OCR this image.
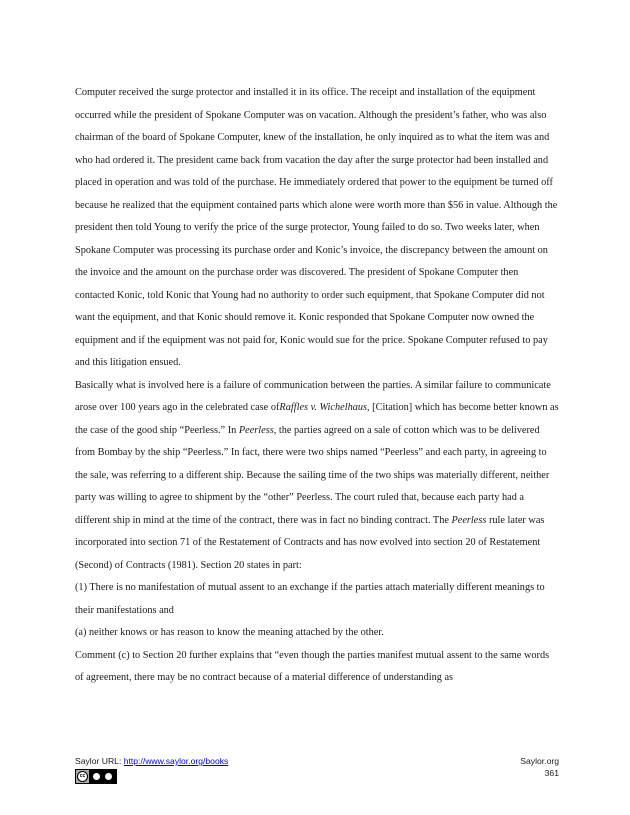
Computer received the surge protector and installed it in its office. The receipt and installation of the equipment occurred while the president of Spokane Computer was on vacation. Although the president’s father, who was also chairman of the board of Spokane Computer, knew of the installation, he only inquired as to what the item was and who had ordered it. The president came back from vacation the day after the surge protector had been installed and placed in operation and was told of the purchase. He immediately ordered that power to the equipment be turned off because he realized that the equipment contained parts which alone were worth more than $56 in value. Although the president then told Young to verify the price of the surge protector, Young failed to do so. Two weeks later, when Spokane Computer was processing its purchase order and Konic’s invoice, the discrepancy between the amount on the invoice and the amount on the purchase order was discovered. The president of Spokane Computer then contacted Konic, told Konic that Young had no authority to order such equipment, that Spokane Computer did not want the equipment, and that Konic should remove it. Konic responded that Spokane Computer now owned the equipment and if the equipment was not paid for, Konic would sue for the price. Spokane Computer refused to pay and this litigation ensued.

Basically what is involved here is a failure of communication between the parties. A similar failure to communicate arose over 100 years ago in the celebrated case ofRaffles v. Wichelhaus, [Citation] which has become better known as the case of the good ship “Peerless.” In Peerless, the parties agreed on a sale of cotton which was to be delivered from Bombay by the ship “Peerless.” In fact, there were two ships named “Peerless” and each party, in agreeing to the sale, was referring to a different ship. Because the sailing time of the two ships was materially different, neither party was willing to agree to shipment by the “other” Peerless. The court ruled that, because each party had a different ship in mind at the time of the contract, there was in fact no binding contract. The Peerless rule later was incorporated into section 71 of the Restatement of Contracts and has now evolved into section 20 of Restatement (Second) of Contracts (1981). Section 20 states in part:

(1) There is no manifestation of mutual assent to an exchange if the parties attach materially different meanings to their manifestations and

(a) neither knows or has reason to know the meaning attached by the other.

Comment (c) to Section 20 further explains that “even though the parties manifest mutual assent to the same words of agreement, there may be no contract because of a material difference of understanding as

Saylor URL: http://www.saylor.org/books
cc
Saylor.org
361
